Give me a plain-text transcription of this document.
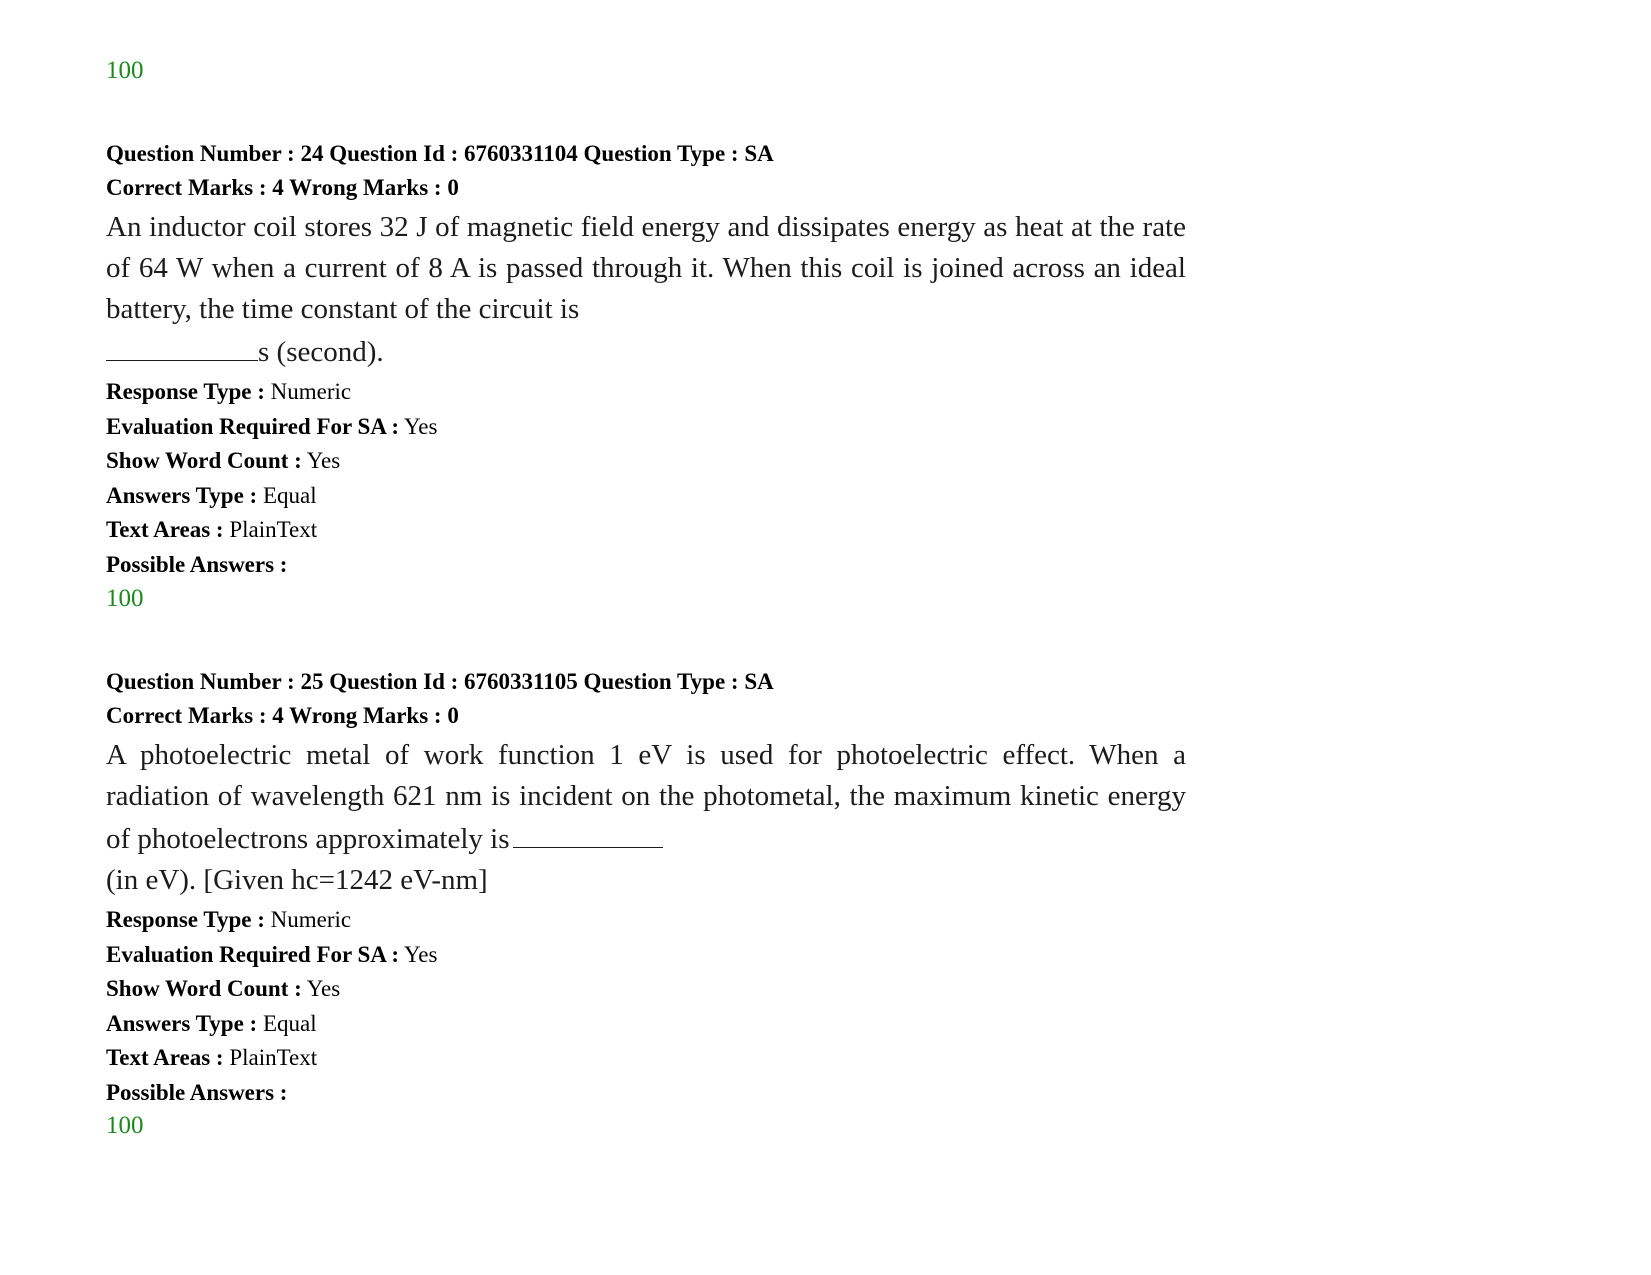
100

Question Number : 24 Question Id : 6760331104 Question Type : SA
Correct Marks : 4 Wrong Marks : 0
An inductor coil stores 32 J of magnetic field energy and dissipates energy as heat at the rate of 64 W when a current of 8 A is passed through it. When this coil is joined across an ideal battery, the time constant of the circuit is
s (second).
Response Type : Numeric
Evaluation Required For SA : Yes
Show Word Count : Yes
Answers Type : Equal
Text Areas : PlainText
Possible Answers :

100

Question Number : 25 Question Id : 6760331105 Question Type : SA
Correct Marks : 4 Wrong Marks : 0
A photoelectric metal of work function 1 eV is used for photoelectric effect. When a radiation of wavelength 621 nm is incident on the photometal, the maximum kinetic energy of photoelectrons approximately is
(in eV). [Given hc=1242 eV-nm]
Response Type : Numeric
Evaluation Required For SA : Yes
Show Word Count : Yes
Answers Type : Equal
Text Areas : PlainText
Possible Answers :

100
